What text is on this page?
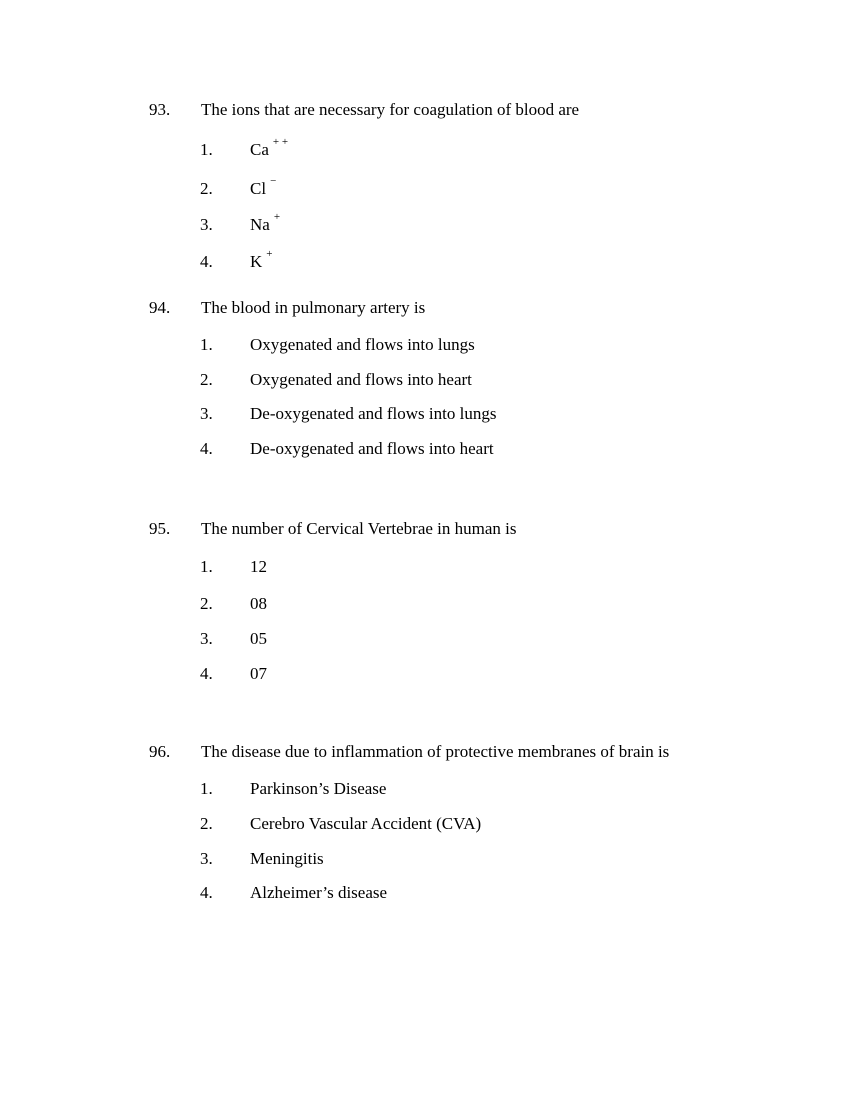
93. The ions that are necessary for coagulation of blood are
1. Ca + +
2. Cl −
3. Na +
4. K +
94. The blood in pulmonary artery is
1. Oxygenated and flows into lungs
2. Oxygenated and flows into heart
3. De-oxygenated and flows into lungs
4. De-oxygenated and flows into heart
95. The number of Cervical Vertebrae in human is
1. 12
2. 08
3. 05
4. 07
96. The disease due to inflammation of protective membranes of brain is
1. Parkinson’s Disease
2. Cerebro Vascular Accident (CVA)
3. Meningitis
4. Alzheimer’s disease
